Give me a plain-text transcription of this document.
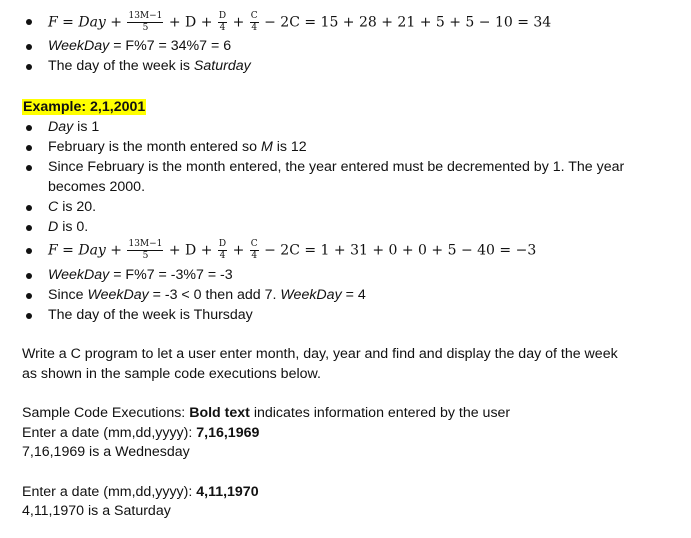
F = Day + $\frac{13M-1}{5} + D + \frac{D}{4} + \frac{C}{4} - 2C = 15 + 28 + 21 + 5 + 5 - 10 = 34$
WeekDay = F%7 = 34%7 = 6
The day of the week is Saturday
Example: 2,1,2001
Day is 1
February is the month entered so M is 12
Since February is the month entered, the year entered must be decremented by 1. The year
becomes 2000.
C is 20.
D is 0.
F = Day + $\frac{13M-1}{5} + D + \frac{D}{4} + \frac{C}{4} - 2C = 1 + 31 + 0 + 0 + 5 - 40 = -3$
WeekDay = F%7 = -3%7 = -3
Since WeekDay = -3 < 0 then add 7. WeekDay = 4
The day of the week is Thursday
Write a C program to let a user enter month, day, year and find and display the day of the week
as shown in the sample code executions below.
Sample Code Executions: Bold text indicates information entered by the user
Enter a date (mm,dd,yyyy): 7,16,1969
7,16,1969 is a Wednesday
Enter a date (mm,dd,yyyy): 4,11,1970
4,11,1970 is a Saturday
